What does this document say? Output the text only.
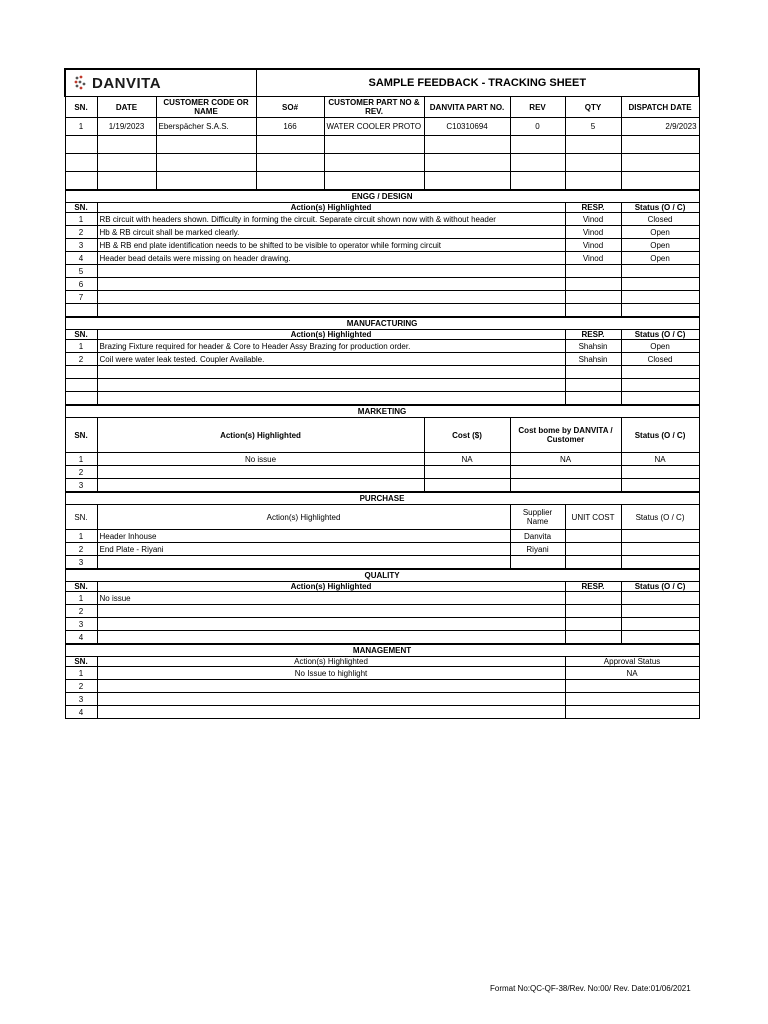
DANVITA			SAMPLE FEEDBACK - TRACKING SHEET					
SN.	DATE	CUSTOMER CODE OR NAME	SO#	CUSTOMER PART NO & REV.	DANVITA PART NO.	REV	QTY	DISPATCH DATE
1	1/19/2023	Eberspächer S.A.S.	166	WATER COOLER PROTO	C10310694	0	5	2/9/2023

ENGG / DESIGN								
SN.	Action(s) Highlighted						RESP.	Status (O / C)
1	RB circuit with headers shown. Difficulty in forming the circuit. Separate circuit shown now with & without header						Vinod	Closed
2	Hb & RB circuit shall be marked clearly.						Vinod	Open
3	HB & RB end plate identification needs to be shifted to be visible to operator while forming circuit						Vinod	Open
4	Header bead details were missing on header drawing.						Vinod	Open
5								
6								
7								

MANUFACTURING								
SN.	Action(s) Highlighted						RESP.	Status (O / C)
1	Brazing Fixture required for header & Core to Header Assy Brazing for production order.						Shahsin	Open
2	Coil were water leak tested. Coupler Available.						Shahsin	Closed

MARKETING								
SN.	Action(s) Highlighted				Cost ($)	Cost bome by DANVITA / Customer		Status (O / C)
1	No issue				NA	NA		NA
2								
3								
PURCHASE								
SN.	Action(s) Highlighted					Supplier Name	UNIT COST	Status (O / C)
1	Header Inhouse					Danvita		
2	End Plate - Riyani					Riyani		
3								
QUALITY								
SN.	Action(s) Highlighted						RESP.	Status (O / C)
1	No issue							
2								
3								
4								
MANAGEMENT								
SN.	Action(s) Highlighted						Approval Status	
1	No Issue to highlight						NA	
2								
3								
4								
Format No:QC-QF-38/Rev. No:00/ Rev. Date:01/06/2021
